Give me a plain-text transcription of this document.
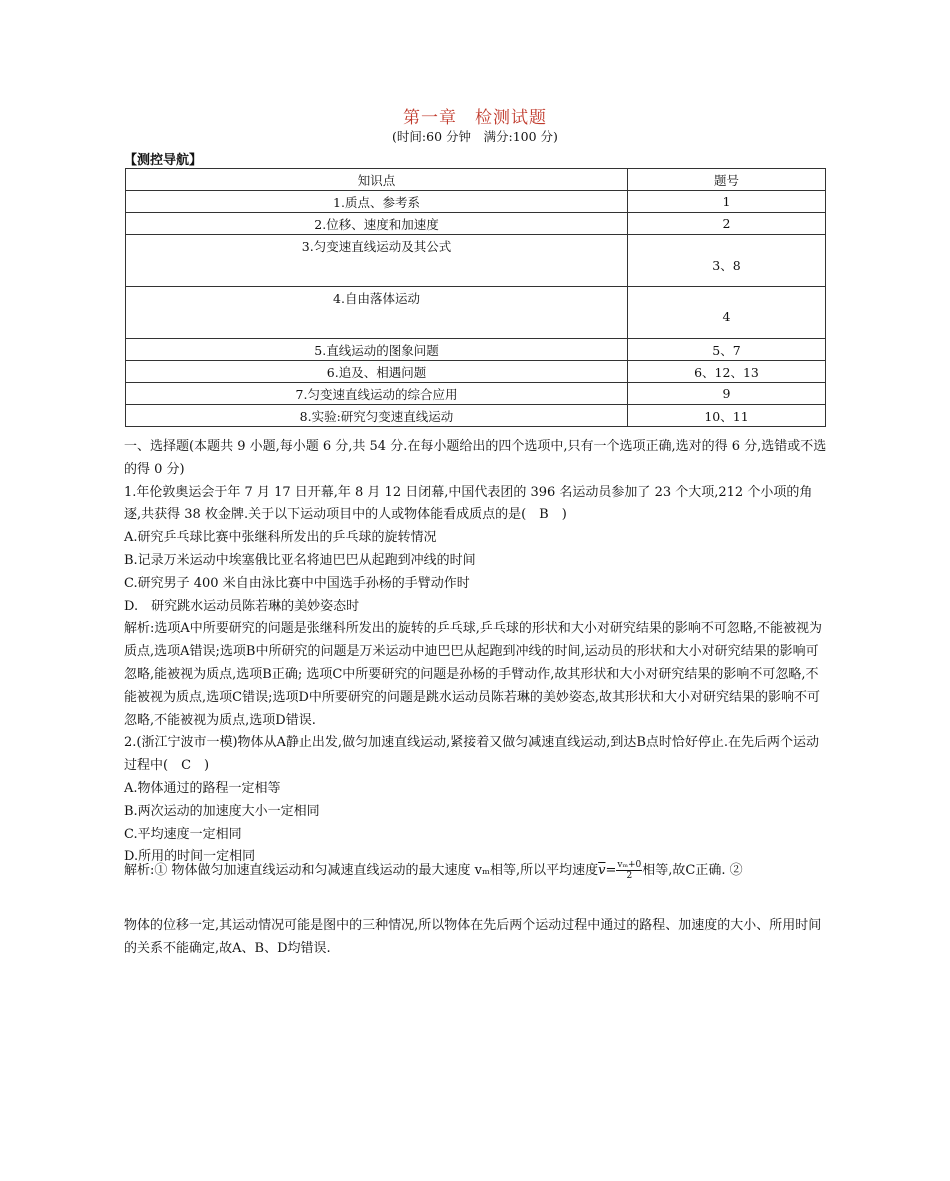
第一章　检测试题
(时间:60 分钟　满分:100 分)
【测控导航】
知识点	题号
1.质点、参考系	1
2.位移、速度和加速度	2
3.匀变速直线运动及其公式	3、8
4.自由落体运动	4
5.直线运动的图象问题	5、7
6.追及、相遇问题	6、12、13
7.匀变速直线运动的综合应用	9
8.实验:研究匀变速直线运动	10、11

一、选择题(本题共 9 小题,每小题 6 分,共 54 分.在每小题给出的四个选项中,只有一个选项正确,选对的得 6 分,选错或不选的得 0 分)

1.年伦敦奥运会于年 7 月 17 日开幕,年 8 月 12 日闭幕,中国代表团的 396 名运动员参加了 23 个大项,212 个小项的角逐,共获得 38 枚金牌.关于以下运动项目中的人或物体能看成质点的是(　B　)

A.研究乒乓球比赛中张继科所发出的乒乓球的旋转情况

B.记录万米运动中埃塞俄比亚名将迪巴巴从起跑到冲线的时间

C.研究男子 400 米自由泳比赛中中国选手孙杨的手臂动作时

D.　研究跳水运动员陈若琳的美妙姿态时

解析:选项A中所要研究的问题是张继科所发出的旋转的乒乓球,乒乓球的形状和大小对研究结果的影响不可忽略,不能被视为质点,选项A错误;选项B中所研究的问题是万米运动中迪巴巴从起跑到冲线的时间,运动员的形状和大小对研究结果的影响可忽略,能被视为质点,选项B正确; 选项C中所要研究的问题是孙杨的手臂动作,故其形状和大小对研究结果的影响不可忽略,不能被视为质点,选项C错误;选项D中所要研究的问题是跳水运动员陈若琳的美妙姿态,故其形状和大小对研究结果的影响不可忽略,不能被视为质点,选项D错误.

2.(浙江宁波市一模)物体从A静止出发,做匀加速直线运动,紧接着又做匀减速直线运动,到达B点时恰好停止.在先后两个运动过程中(　C　)

A.物体通过的路程一定相等

B.两次运动的加速度大小一定相同

C.平均速度一定相同

D.所用的时间一定相同

解析:① 物体做匀加速直线运动和匀减速直线运动的最大速度 vₘ相等,所以平均速度$\overline{v}= \frac{\text{vₘ+0}}{2}$ 相等,故C正确. ②
物体的位移一定,其运动情况可能是图中的三种情况,所以物体在先后两个运动过程中通过的路程、加速度的大小、所用时间的关系不能确定,故A、B、D均错误.
